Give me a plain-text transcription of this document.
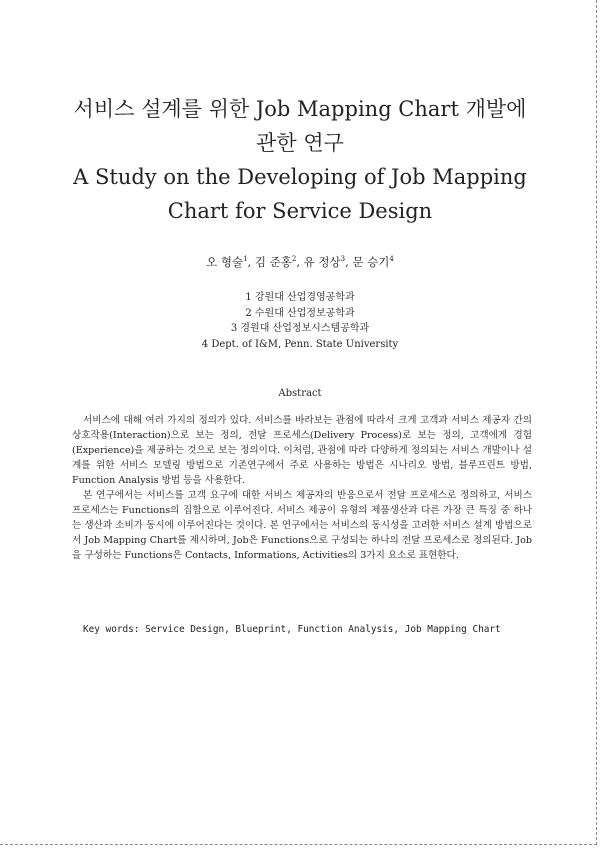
서비스 설계를 위한 Job Mapping Chart 개발에
관한 연구
A Study on the Developing of Job Mapping
Chart for Service Design
오 형술$^1$, 김 준홍$^2$, 유 정상$^3$, 문 승기$^4$
1 강원대 산업경영공학과
2 수원대 산업정보공학과
3 경원대 산업정보시스템공학과
4 Dept. of I&M, Penn. State University
Abstract

서비스에 대해 여러 가지의 정의가 있다. 서비스를 바라보는 관점에 따라서 크게 고객과 서비스 제공자 간의 상호작용(Interaction)으로 보는 정의, 전달 프로세스(Delivery Process)로 보는 정의, 고객에게 경험(Experience)을 제공하는 것으로 보는 정의이다. 이처럼, 관점에 따라 다양하게 정의되는 서비스 개발이나 설계를 위한 서비스 모델링 방법으로 기존연구에서 주로 사용하는 방법은 시나리오 방법, 블루프린트 방법, Function Analysis 방법 등을 사용한다.

본 연구에서는 서비스를 고객 요구에 대한 서비스 제공자의 반응으로서 전달 프로세스로 정의하고, 서비스 프로세스는 Functions의 집합으로 이루어진다. 서비스 제공이 유형의 제품생산과 다른 가장 큰 특징 중 하나는 생산과 소비가 동시에 이루어진다는 것이다. 본 연구에서는 서비스의 동시성을 고려한 서비스 설계 방법으로서 Job Mapping Chart를 제시하며, Job은 Functions으로 구성되는 하나의 전달 프로세스로 정의된다. Job을 구성하는 Functions은 Contacts, Informations, Activities의 3가지 요소로 표현한다.

Key words: Service Design, Blueprint, Function Analysis, Job Mapping Chart
